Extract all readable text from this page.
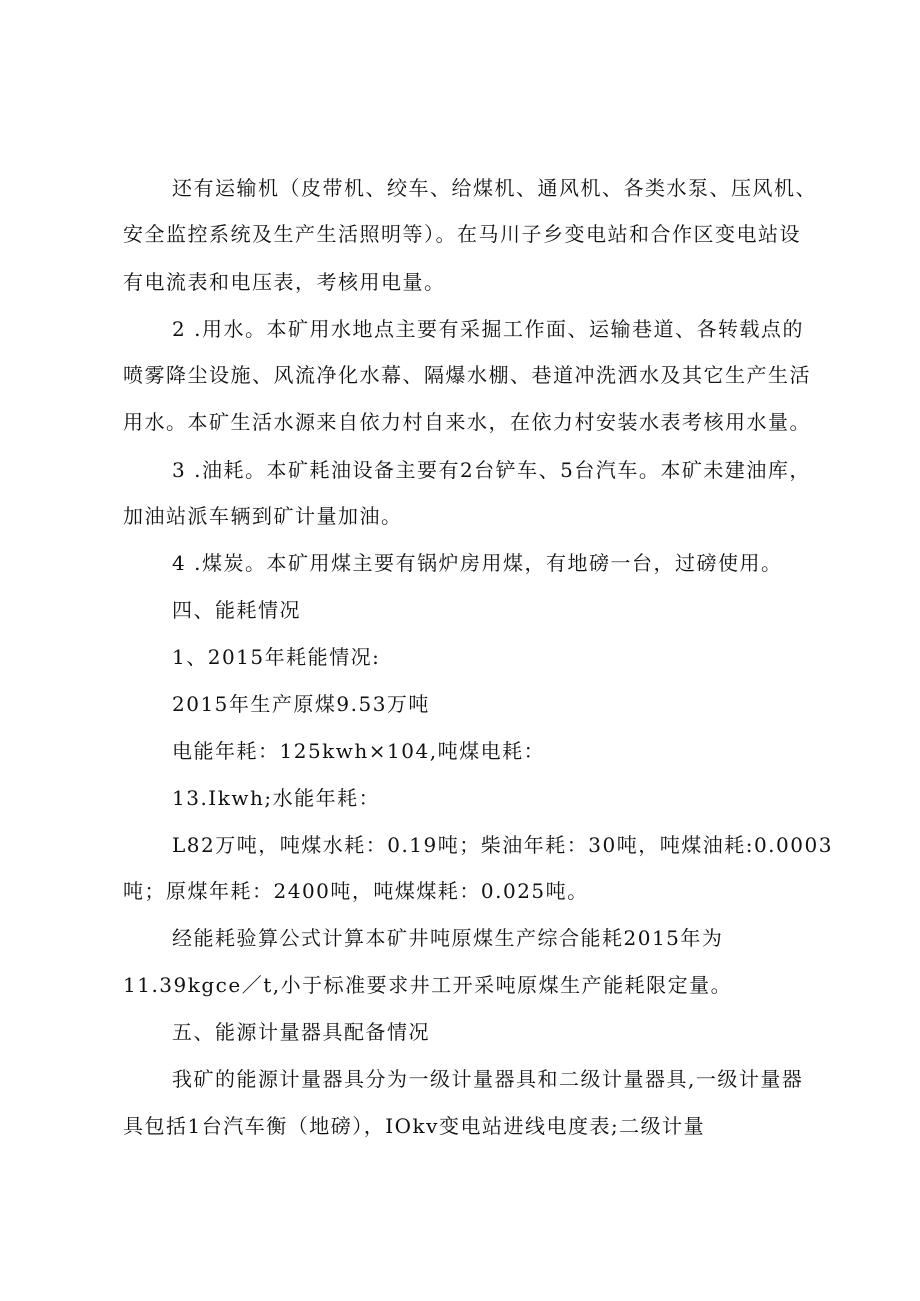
还有运输机（皮带机、绞车、给煤机、通风机、各类水泵、压风机、
安全监控系统及生产生活照明等）。在马川子乡变电站和合作区变电站设
有电流表和电压表，考核用电量。
2 .用水。本矿用水地点主要有采掘工作面、运输巷道、各转载点的
喷雾降尘设施、风流净化水幕、隔爆水棚、巷道冲洗洒水及其它生产生活
用水。本矿生活水源来自依力村自来水，在依力村安装水表考核用水量。
3 .油耗。本矿耗油设备主要有2台铲车、5台汽车。本矿未建油库，
加油站派车辆到矿计量加油。
4 .煤炭。本矿用煤主要有锅炉房用煤，有地磅一台，过磅使用。
四、能耗情况
1、2015年耗能情况:
2015年生产原煤9.53万吨
电能年耗：125kwh×104,吨煤电耗：
13.Ikwh;水能年耗：
L82万吨，吨煤水耗：0.19吨；柴油年耗：30吨，吨煤油耗:0.0003
吨；原煤年耗：2400吨，吨煤煤耗：0.025吨。
经能耗验算公式计算本矿井吨原煤生产综合能耗2015年为
11.39kgce／t,小于标准要求井工开采吨原煤生产能耗限定量。
五、能源计量器具配备情况
我矿的能源计量器具分为一级计量器具和二级计量器具,一级计量器
具包括1台汽车衡（地磅），IOkv变电站进线电度表;二级计量
